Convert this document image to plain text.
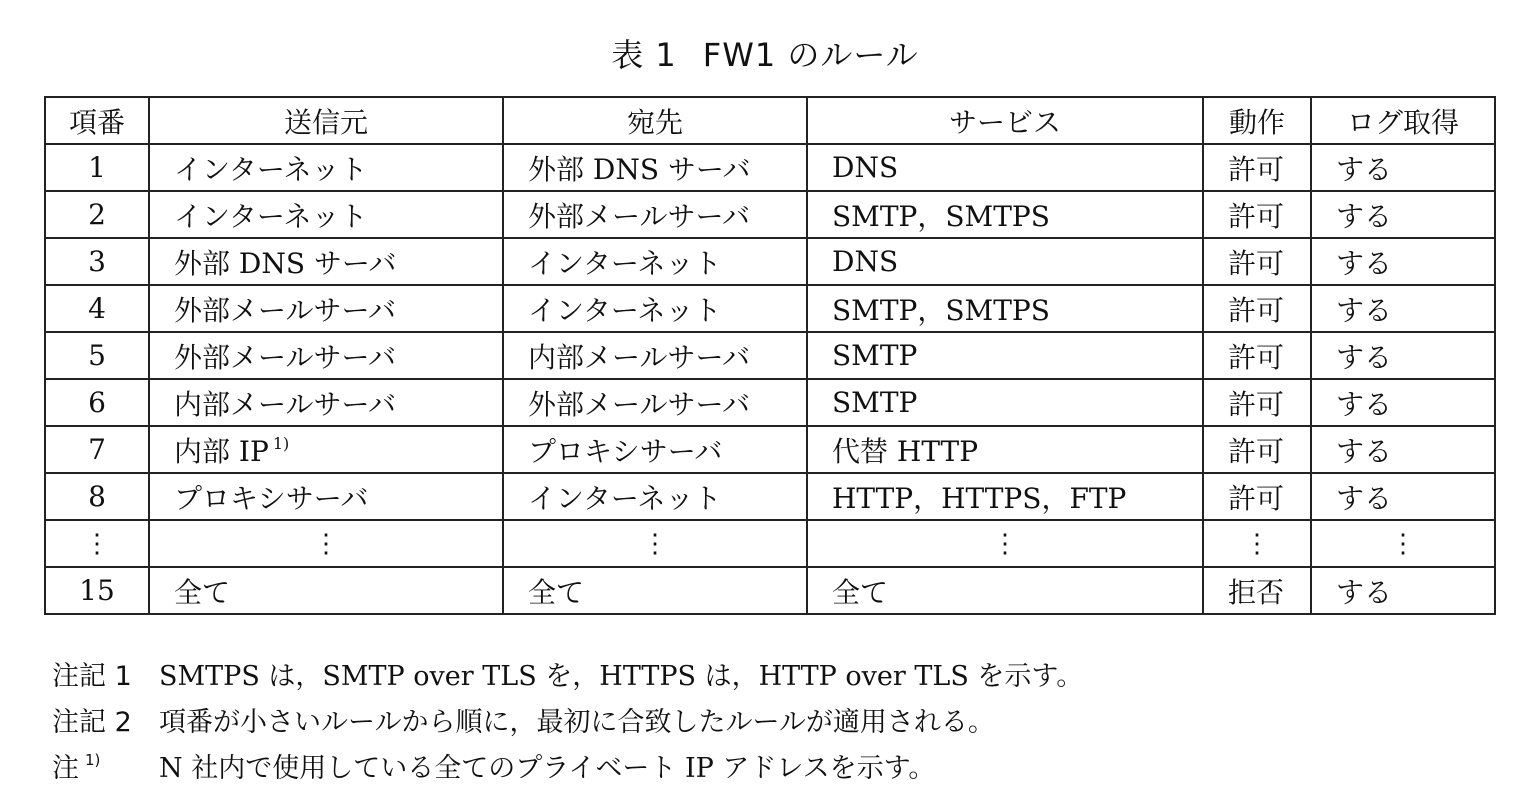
表 1 FW1 のルール
項番	送信元	宛先	サービス	動作	ログ取得
1	インターネット	外部 DNS サーバ	DNS	許可	する
2	インターネット	外部メールサーバ	SMTP，SMTPS	許可	する
3	外部 DNS サーバ	インターネット	DNS	許可	する
4	外部メールサーバ	インターネット	SMTP，SMTPS	許可	する
5	外部メールサーバ	内部メールサーバ	SMTP	許可	する
6	内部メールサーバ	外部メールサーバ	SMTP	許可	する
7	内部 IP $^{1)}$	プロキシサーバ	代替 HTTP	許可	する
8	プロキシサーバ	インターネット	HTTP，HTTPS，FTP	許可	する
⋮	⋮	⋮	⋮	⋮	⋮
15	全て	全て	全て	拒否	する
注記 1	SMTPS は，SMTP over TLS を，HTTPS は，HTTP over TLS を示す。
注記 2	項番が小さいルールから順に，最初に合致したルールが適用される。
注 $^{1)}$	N 社内で使用している全てのプライベート IP アドレスを示す。
